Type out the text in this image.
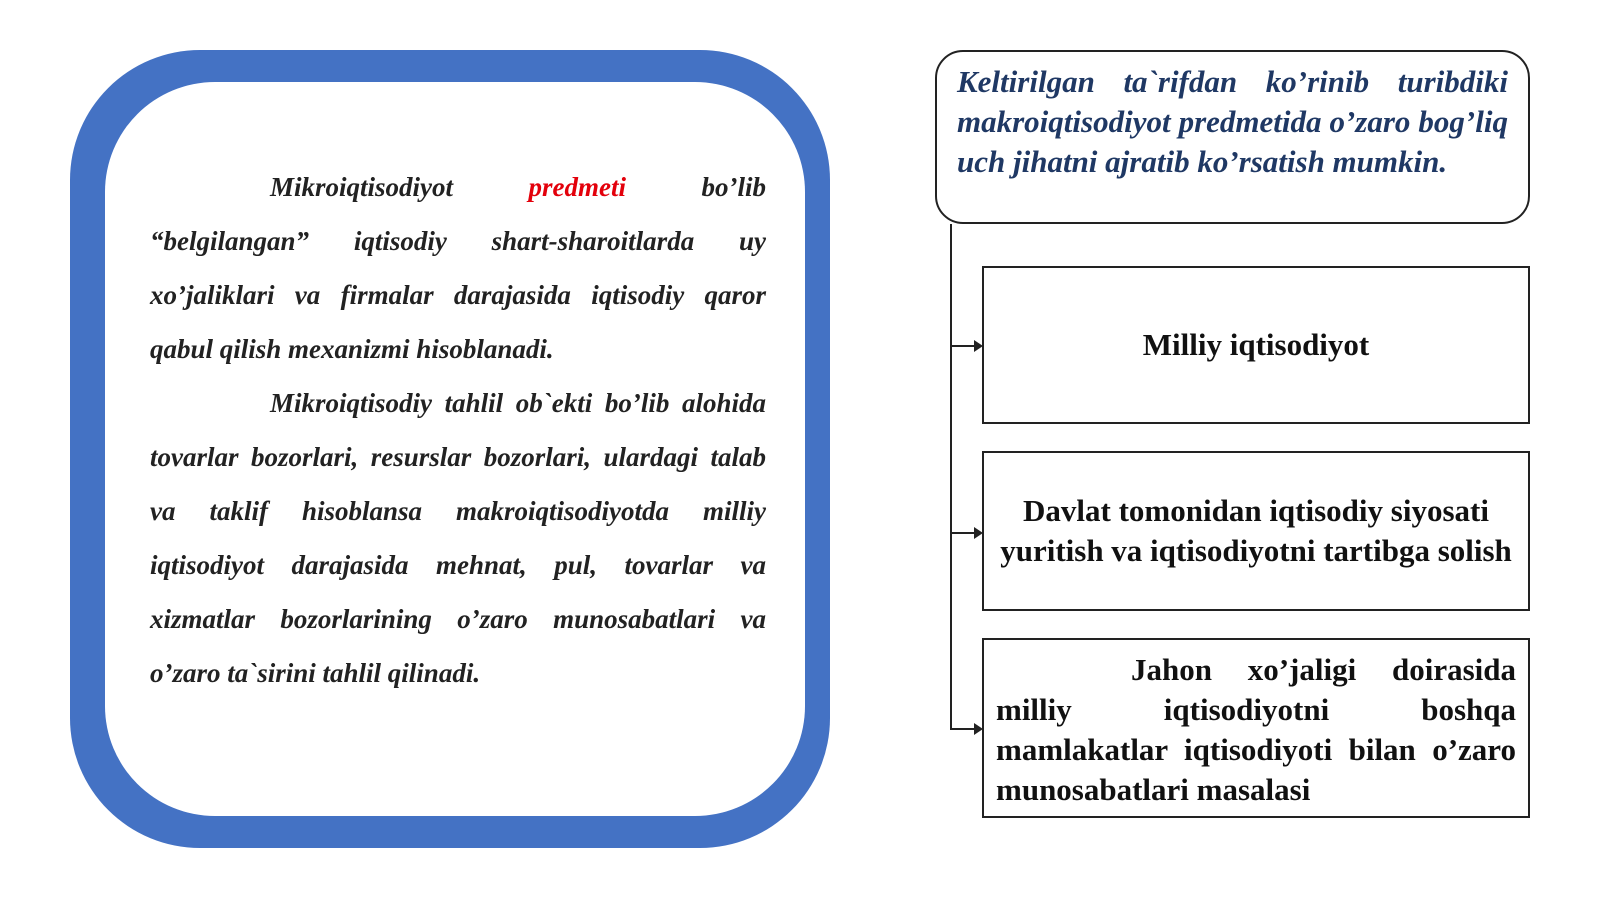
Mikroiqtisodiyot predmeti bo’lib “belgilangan” iqtisodiy shart-sharoitlarda uy xo’jaliklari va firmalar darajasida iqtisodiy qaror qabul qilish mexanizmi hisoblanadi.

Mikroiqtisodiy tahlil ob`ekti bo’lib alohida tovarlar bozorlari, resurslar bozorlari, ulardagi talab va taklif hisoblansa makroiqtisodiyotda milliy iqtisodiyot darajasida mehnat, pul, tovarlar va xizmatlar bozorlarining o’zaro munosabatlari va o’zaro ta`sirini tahlil qilinadi.

Keltirilgan ta`rifdan ko’rinib turibdiki makroiqtisodiyot predmetida o’zaro bog’liq uch jihatni ajratib ko’rsatish mumkin.

Milliy iqtisodiyot
Davlat tomonidan iqtisodiy siyosati yuritish va iqtisodiyotni tartibga solish

Jahon xo’jaligi doirasida milliy iqtisodiyotni boshqa mamlakatlar iqtisodiyoti bilan o’zaro munosabatlari masalasi
